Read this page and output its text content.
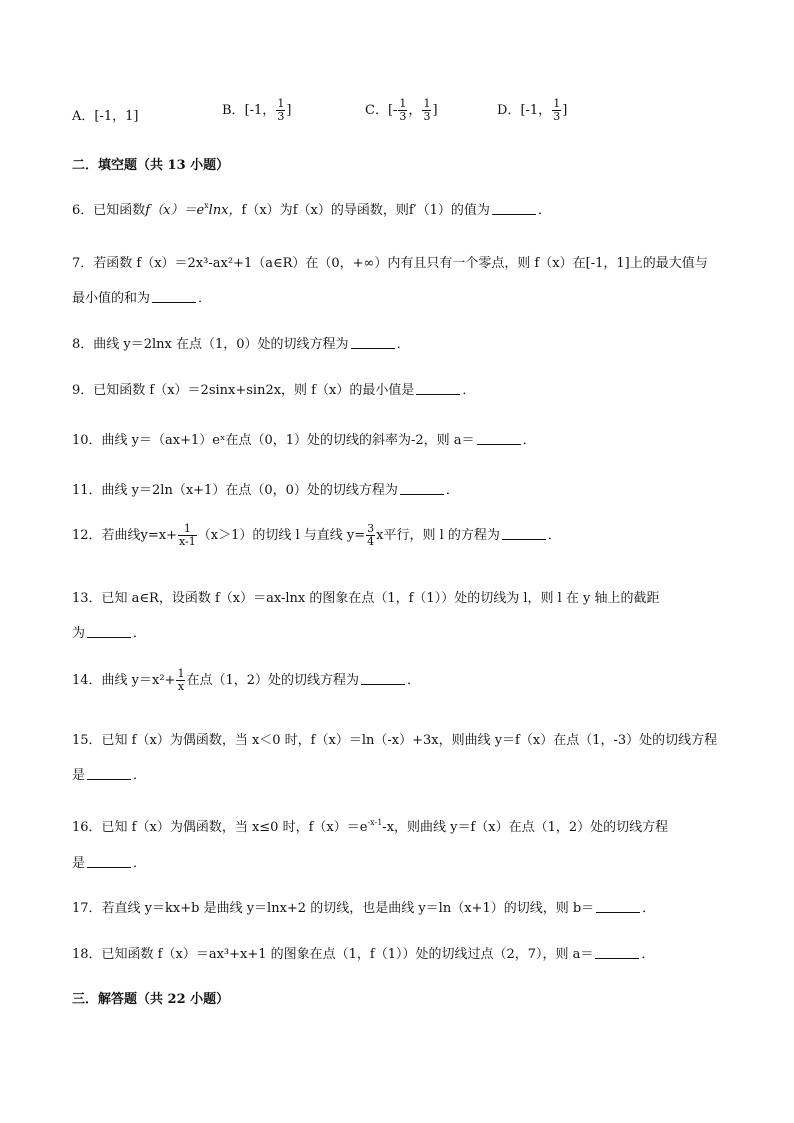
A．[-1，1]	B．[-1， $\frac{1}{3}$ ]	C．[- $\frac{1}{3}$ ， $\frac{1}{3}$ ]	D．[-1， $\frac{1}{3}$ ]
二．填空题（共 13 小题）
6．已知函数$f(x)=e^x\ln x$，f（x）为f（x）的导函数，则f′（1）的值为	．
7．若函数 f（x）＝2x³-ax²+1（a∈R）在（0，+∞）内有且只有一个零点，则 f（x）在[-1，1]上的最大值与
最小值的和为	．
8．曲线 y＝2lnx 在点（1，0）处的切线方程为	．
9．已知函数 f（x）＝2sinx+sin2x，则 f（x）的最小值是	．
10．曲线 y＝（ax+1）eˣ在点（0，1）处的切线的斜率为-2，则 a＝	．
11．曲线 y＝2ln（x+1）在点（0，0）处的切线方程为	．
12．若曲线$y=x+ \frac{1}{x-1} (x>1)$的切线 l 与直线 $y= \frac{3}{4}$ x平行，则 l 的方程为	．
13．已知 a∈R，设函数 f（x）＝ax-lnx 的图象在点（1，f（1））处的切线为 l，则 l 在 y 轴上的截距
为	．
14．曲线 $y=x^2+ \frac{1}{x}$ 在点（1，2）处的切线方程为	．
15．已知 f（x）为偶函数，当 x＜0 时，f（x）＝ln（-x）+3x，则曲线 y＝f（x）在点（1，-3）处的切线方程
是	．
16．已知 f（x）为偶函数，当 x≤0 时，$f(x)=e^{-x-1}-x$，则曲线 y＝f（x）在点（1，2）处的切线方程
是	．
17．若直线 y＝kx+b 是曲线 y＝lnx+2 的切线，也是曲线 y＝ln（x+1）的切线，则 b＝	．
18．已知函数 f（x）＝ax³+x+1 的图象在点（1，f（1））处的切线过点（2，7），则 a＝	．
三．解答题（共 22 小题）
